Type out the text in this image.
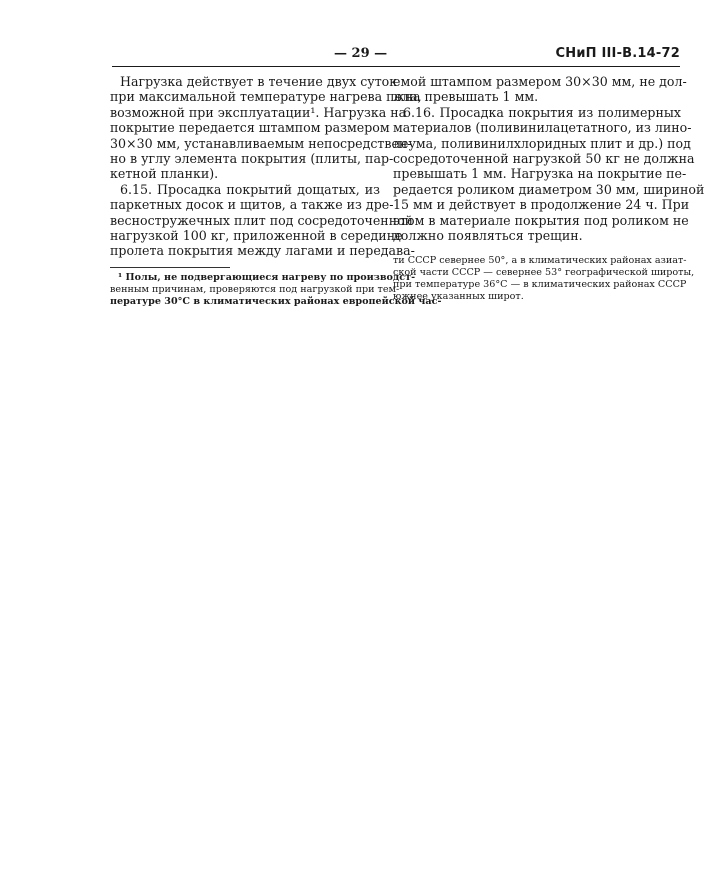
— 29 —	СНиП III-В.14-72
Нагрузка действует в течение двух суток
при максимальной температуре нагрева пола,
возможной при эксплуатации¹. Нагрузка на
покрытие передается штампом размером
30×30 мм, устанавливаемым непосредствен-
но в углу элемента покрытия (плиты, пар-
кетной планки).
6.15. Просадка покрытий дощатых, из
паркетных досок и щитов, а также из дре-
весностружечных плит под сосредоточенной
нагрузкой 100 кг, приложенной в середине
пролета покрытия между лагами и передава-
¹ Полы, не подвергающиеся нагреву по производст-
венным причинам, проверяются под нагрузкой при тем-
пературе 30°С в климатических районах европейской час-
емой штампом размером 30×30 мм, не дол-
жна превышать 1 мм.
6.16. Просадка покрытия из полимерных
материалов (поливинилацетатного, из лино-
леума, поливинилхлоридных плит и др.) под
сосредоточенной нагрузкой 50 кг не должна
превышать 1 мм. Нагрузка на покрытие пе-
редается роликом диаметром 30 мм, шириной
15 мм и действует в продолжение 24 ч. При
этом в материале покрытия под роликом не
должно появляться трещин.
ти СССР севернее 50°, а в климатических районах азиат-
ской части СССР — севернее 53° географической широты,
при температуре 36°С — в климатических районах СССР
южнее указанных широт.
